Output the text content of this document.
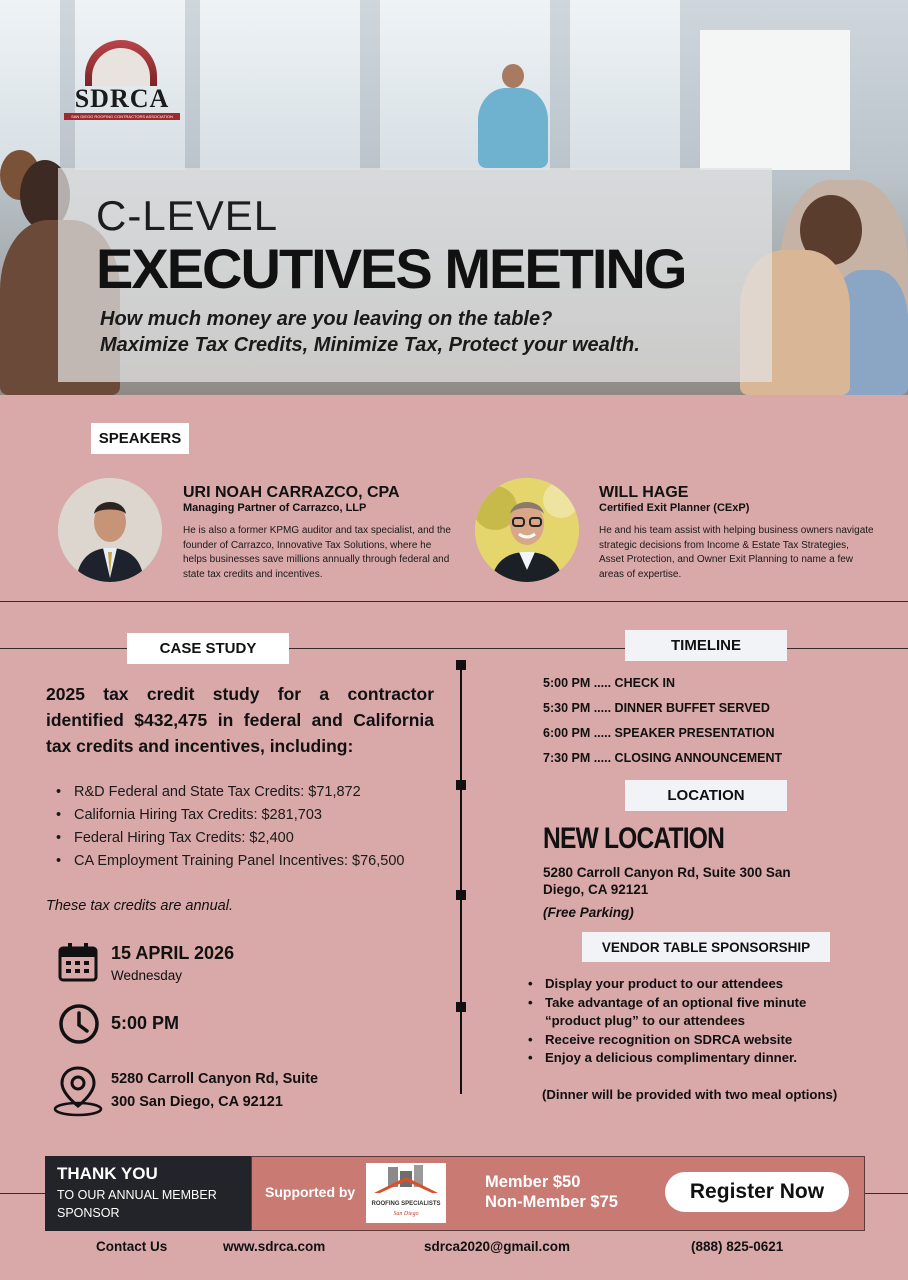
SDRCA
SAN DIEGO ROOFING CONTRACTORS ASSOCIATION
C-LEVEL
EXECUTIVES MEETING
How much money are you leaving on the table?
Maximize Tax Credits, Minimize Tax, Protect your wealth.
SPEAKERS
URI NOAH CARRAZCO, CPA
Managing Partner of Carrazco, LLP
He is also a former KPMG auditor and tax specialist, and the founder of Carrazco, Innovative Tax Solutions, where he helps businesses save millions annually through federal and state tax credits and incentives.
WILL HAGE
Certified Exit Planner (CExP)
He and his team assist with helping business owners navigate strategic decisions from Income & Estate Tax Strategies, Asset Protection, and Owner Exit Planning to name a few areas of expertise.
CASE STUDY
2025 tax credit study for a contractor identified $432,475 in federal and California tax credits and incentives, including:
• R&D Federal and State Tax Credits: $71,872
• California Hiring Tax Credits: $281,703
• Federal Hiring Tax Credits: $2,400
• CA Employment Training Panel Incentives: $76,500
These tax credits are annual.
15 APRIL 2026
Wednesday
5:00 PM
5280 Carroll Canyon Rd, Suite
300 San Diego, CA 92121
TIMELINE
5:00 PM ..... CHECK IN
5:30 PM ..... DINNER BUFFET SERVED
6:00 PM ..... SPEAKER PRESENTATION
7:30 PM ..... CLOSING ANNOUNCEMENT
LOCATION
NEW LOCATION
5280 Carroll Canyon Rd, Suite 300 San
Diego, CA 92121
(Free Parking)
VENDOR TABLE SPONSORSHIP
• Display your product to our attendees
• Take advantage of an optional five minute “product plug” to our attendees
• Receive recognition on SDRCA website
• Enjoy a delicious complimentary dinner.
(Dinner will be provided with two meal options)
THANK YOU
TO OUR ANNUAL MEMBER
SPONSOR
Supported by
ROOFING SPECIALISTS
San Diego
Member $50
Non-Member $75	Register Now
Contact Us	www.sdrca.com	sdrca2020@gmail.com	(888) 825-0621
